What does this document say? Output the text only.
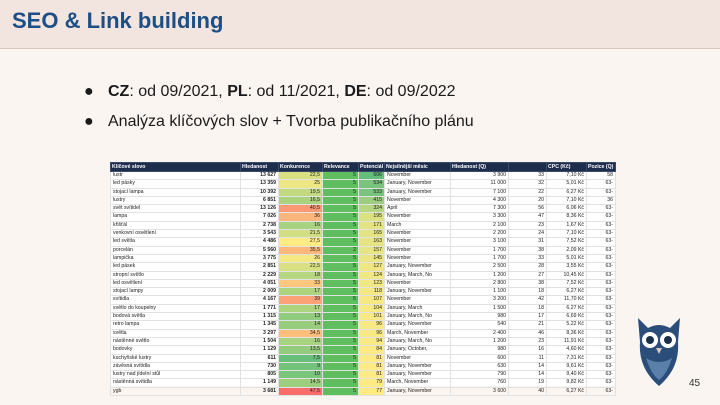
SEO & Link building
● CZ: od 09/2021, PL: od 11/2021, DE: od 09/2022
● Analýza klíčových slov + Tvorba publikačního plánu
Klíčové slovo	Hledanost	Konkurence	Relevance	Potenciál	Nejsilnější měsíc	Hledanost (Q)		CPC (Kč)	Pozice (Q)
lustr	13 627	22,5	5	606	November	3 900	33	7,10 Kč	58
led pásky	13 359	25	5	534	January, November	11 000	32	5,01 Kč	63-
stojací lampa	10 392	19,5	5	533	January, November	7 100	22	6,27 Kč	63-
lustry	6 851	16,5	5	415	November	4 300	20	7,10 Kč	36
svět svítidel	13 126	40,5	5	324	April	7 300	56	6,06 Kč	63-
lampa	7 026	36	5	195	November	3 300	47	8,36 Kč	63-
křišťál	2 738	16	5	171	March	2 100	23	1,67 Kč	63-
venkovní osvětlení	3 543	21,5	5	165	November	2 200	24	7,10 Kč	63-
led světla	4 486	27,5	5	163	November	3 100	31	7,52 Kč	63-
porcelán	5 560	35,5	2	157	November	1 700	38	2,09 Kč	63-
lampička	3 775	26	5	145	November	1 700	33	5,01 Kč	63-
led pásek	2 851	22,5	5	127	January, November	2 500	28	3,55 Kč	63-
stropní světlo	2 229	18	5	124	January, March, No	1 200	27	10,45 Kč	63-
led osvětlení	4 051	33	5	123	November	2 800	38	7,52 Kč	63-
stojací lampy	2 009	17	5	118	January, November	1 100	18	6,27 Kč	63-
svítidla	4 167	39	5	107	November	3 200	42	11,70 Kč	63-
světlo do koupelny	1 771	17	5	104	January, March	1 500	18	6,27 Kč	63-
bodová světla	1 315	13	5	101	January, March, No	980	17	6,69 Kč	63-
retro lampa	1 345	14	5	96	January, November	540	21	5,22 Kč	63-
světla	3 297	34,5	5	96	March, November	2 400	46	8,36 Kč	63-
nástěnné světlo	1 504	16	5	94	January, March, No	1 200	23	11,91 Kč	63-
bodovky	1 129	13,5	5	84	January, October,	980	16	4,60 Kč	63-
kuchyňské lustry	611	7,5	5	81	November	600	11	7,31 Kč	63-
závěsná svítidla	730	9	5	81	January, November	630	14	9,61 Kč	63-
lustry nad jídelní stůl	805	10	5	81	January, November	790	14	9,40 Kč	63-
nástěnná svítidla	1 149	14,5	5	79	March, November	760	19	9,82 Kč	63-
ygb	3 681	47,5	5	77	January, November	3 600	40	6,27 Kč	63-
45
